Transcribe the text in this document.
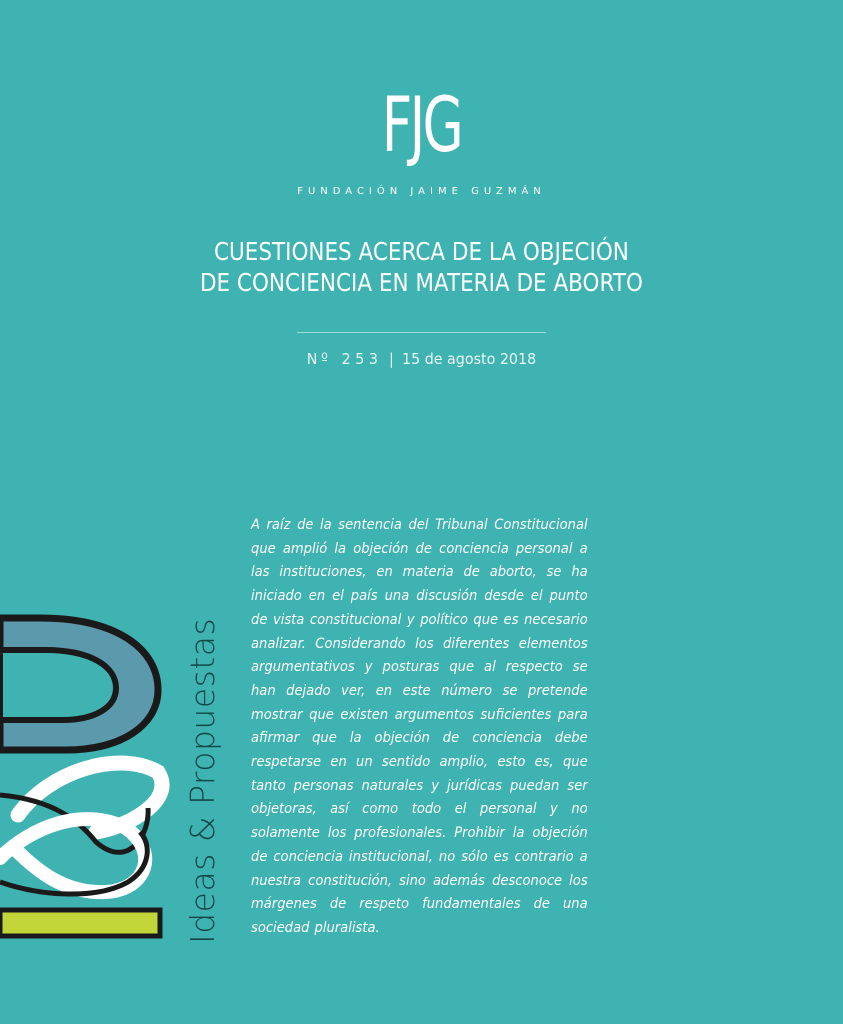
FJG
FUNDACIÓN JAIME GUZMÁN
CUESTIONES ACERCA DE LA OBJECIÓN
DE CONCIENCIA EN MATERIA DE ABORTO
Nº 253 | 15 de agosto 2018
Ideas & Propuestas
A raíz de la sentencia del Tribunal Constitucional que amplió la objeción de conciencia personal a las instituciones, en materia de aborto, se ha iniciado en el país una discusión desde el punto de vista constitucional y político que es necesario analizar. Considerando los diferentes elementos argumentativos y posturas que al respecto se han dejado ver, en este número se pretende mostrar que existen argumentos suficientes para afirmar que la objeción de conciencia debe respetarse en un sentido amplio, esto es, que tanto personas naturales y jurídicas puedan ser objetoras, así como todo el personal y no solamente los profesionales. Prohibir la objeción de conciencia institucional, no sólo es contrario a nuestra constitución, sino además desconoce los márgenes de respeto fundamentales de una sociedad pluralista.
